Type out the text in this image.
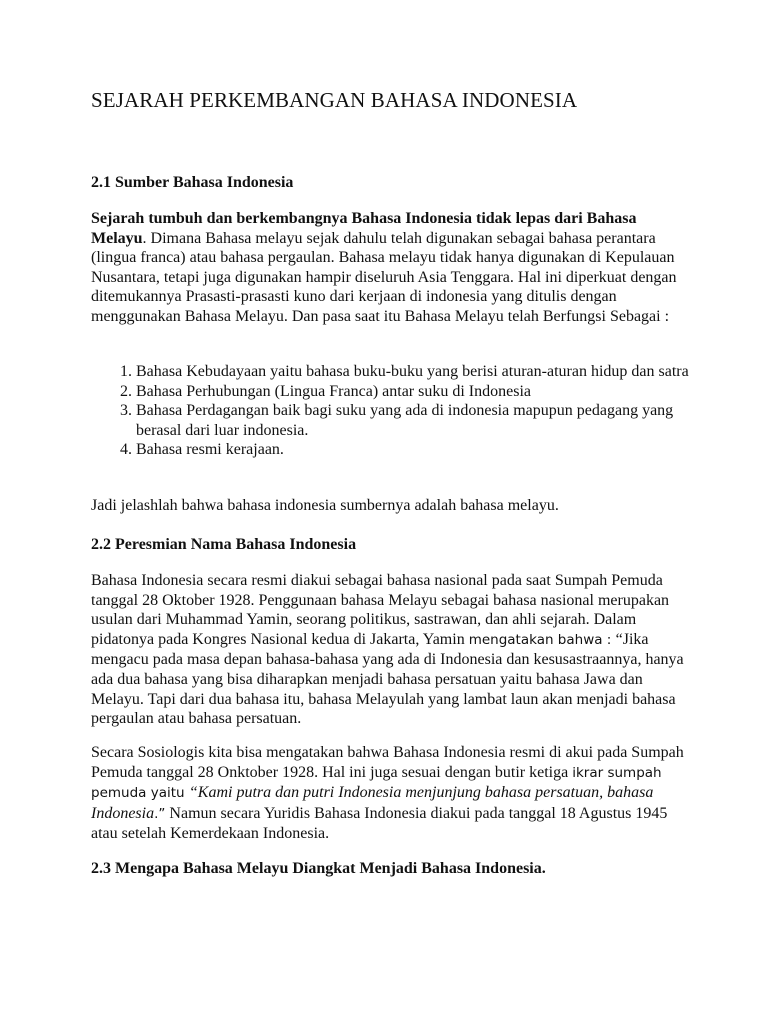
SEJARAH PERKEMBANGAN BAHASA INDONESIA
2.1 Sumber Bahasa Indonesia

Sejarah tumbuh dan berkembangnya Bahasa Indonesia tidak lepas dari Bahasa Melayu. Dimana Bahasa melayu sejak dahulu telah digunakan sebagai bahasa perantara (lingua franca) atau bahasa pergaulan. Bahasa melayu tidak hanya digunakan di Kepulauan Nusantara, tetapi juga digunakan hampir diseluruh Asia Tenggara. Hal ini diperkuat dengan ditemukannya Prasasti-prasasti kuno dari kerjaan di indonesia yang ditulis dengan menggunakan Bahasa Melayu. Dan pasa saat itu Bahasa Melayu telah Berfungsi Sebagai :

1. Bahasa Kebudayaan yaitu bahasa buku-buku yang berisi aturan-aturan hidup dan satra
2. Bahasa Perhubungan (Lingua Franca) antar suku di Indonesia
3. Bahasa Perdagangan baik bagi suku yang ada di indonesia mapupun pedagang yang berasal dari luar indonesia.
4. Bahasa resmi kerajaan.

Jadi jelashlah bahwa bahasa indonesia sumbernya adalah bahasa melayu.

2.2 Peresmian Nama Bahasa Indonesia

Bahasa Indonesia secara resmi diakui sebagai bahasa nasional pada saat Sumpah Pemuda tanggal 28 Oktober 1928. Penggunaan bahasa Melayu sebagai bahasa nasional merupakan usulan dari Muhammad Yamin, seorang politikus, sastrawan, dan ahli sejarah. Dalam pidatonya pada Kongres Nasional kedua di Jakarta, Yamin mengatakan bahwa : “Jika mengacu pada masa depan bahasa-bahasa yang ada di Indonesia dan kesusastraannya, hanya ada dua bahasa yang bisa diharapkan menjadi bahasa persatuan yaitu bahasa Jawa dan Melayu. Tapi dari dua bahasa itu, bahasa Melayulah yang lambat laun akan menjadi bahasa pergaulan atau bahasa persatuan.

Secara Sosiologis kita bisa mengatakan bahwa Bahasa Indonesia resmi di akui pada Sumpah Pemuda tanggal 28 Onktober 1928. Hal ini juga sesuai dengan butir ketiga ikrar sumpah pemuda yaitu “Kami putra dan putri Indonesia menjunjung bahasa persatuan, bahasa Indonesia.” Namun secara Yuridis Bahasa Indonesia diakui pada tanggal 18 Agustus 1945 atau setelah Kemerdekaan Indonesia.

2.3 Mengapa Bahasa Melayu Diangkat Menjadi Bahasa Indonesia.
